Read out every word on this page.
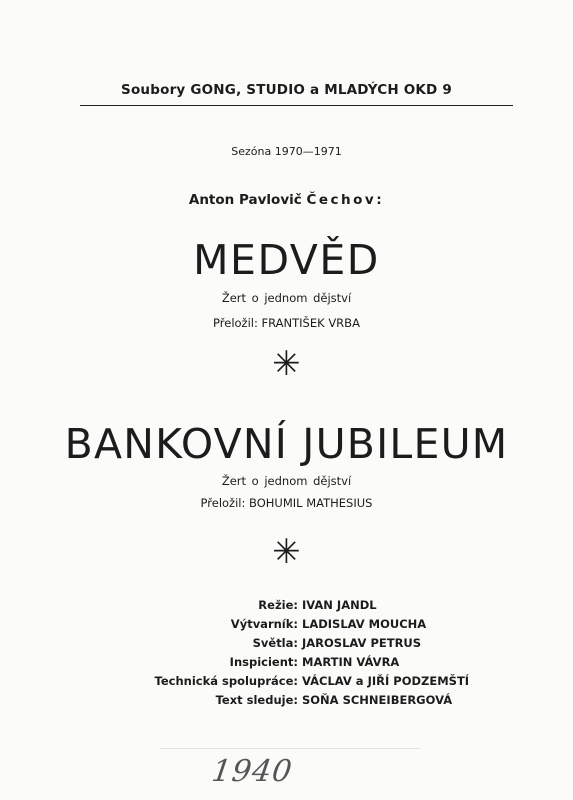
Soubory GONG, STUDIO a MLADÝCH OKD 9
Sezóna 1970—1971
Anton Pavlovič Čechov:
MEDVĚD
Žert o jednom dějství
Přeložil: FRANTIŠEK VRBA
✳
BANKOVNÍ JUBILEUM
Žert o jednom dějství
Přeložil: BOHUMIL MATHESIUS
✳
Režie: IVAN JANDL
Výtvarník: LADISLAV MOUCHA
Světla: JAROSLAV PETRUS
Inspicient: MARTIN VÁVRA
Technická spolupráce: VÁCLAV a JIŘÍ PODZEMŠTÍ
Text sleduje: SOŇA SCHNEIBERGOVÁ
1940
